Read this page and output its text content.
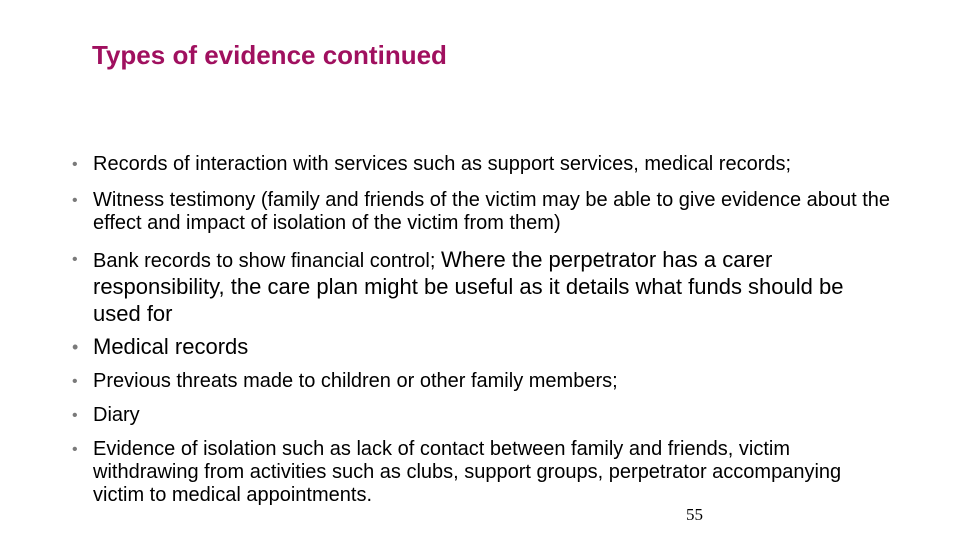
Types of evidence continued
• Records of interaction with services such as support services, medical records;
• Witness testimony (family and friends of the victim may be able to give evidence about the effect and impact of isolation of the victim from them)
• Bank records to show financial control; Where the perpetrator has a carer responsibility, the care plan might be useful as it details what funds should be used for
• Medical records
• Previous threats made to children or other family members;
• Diary
• Evidence of isolation such as lack of contact between family and friends, victim withdrawing from activities such as clubs, support groups, perpetrator accompanying victim to medical appointments.
55
